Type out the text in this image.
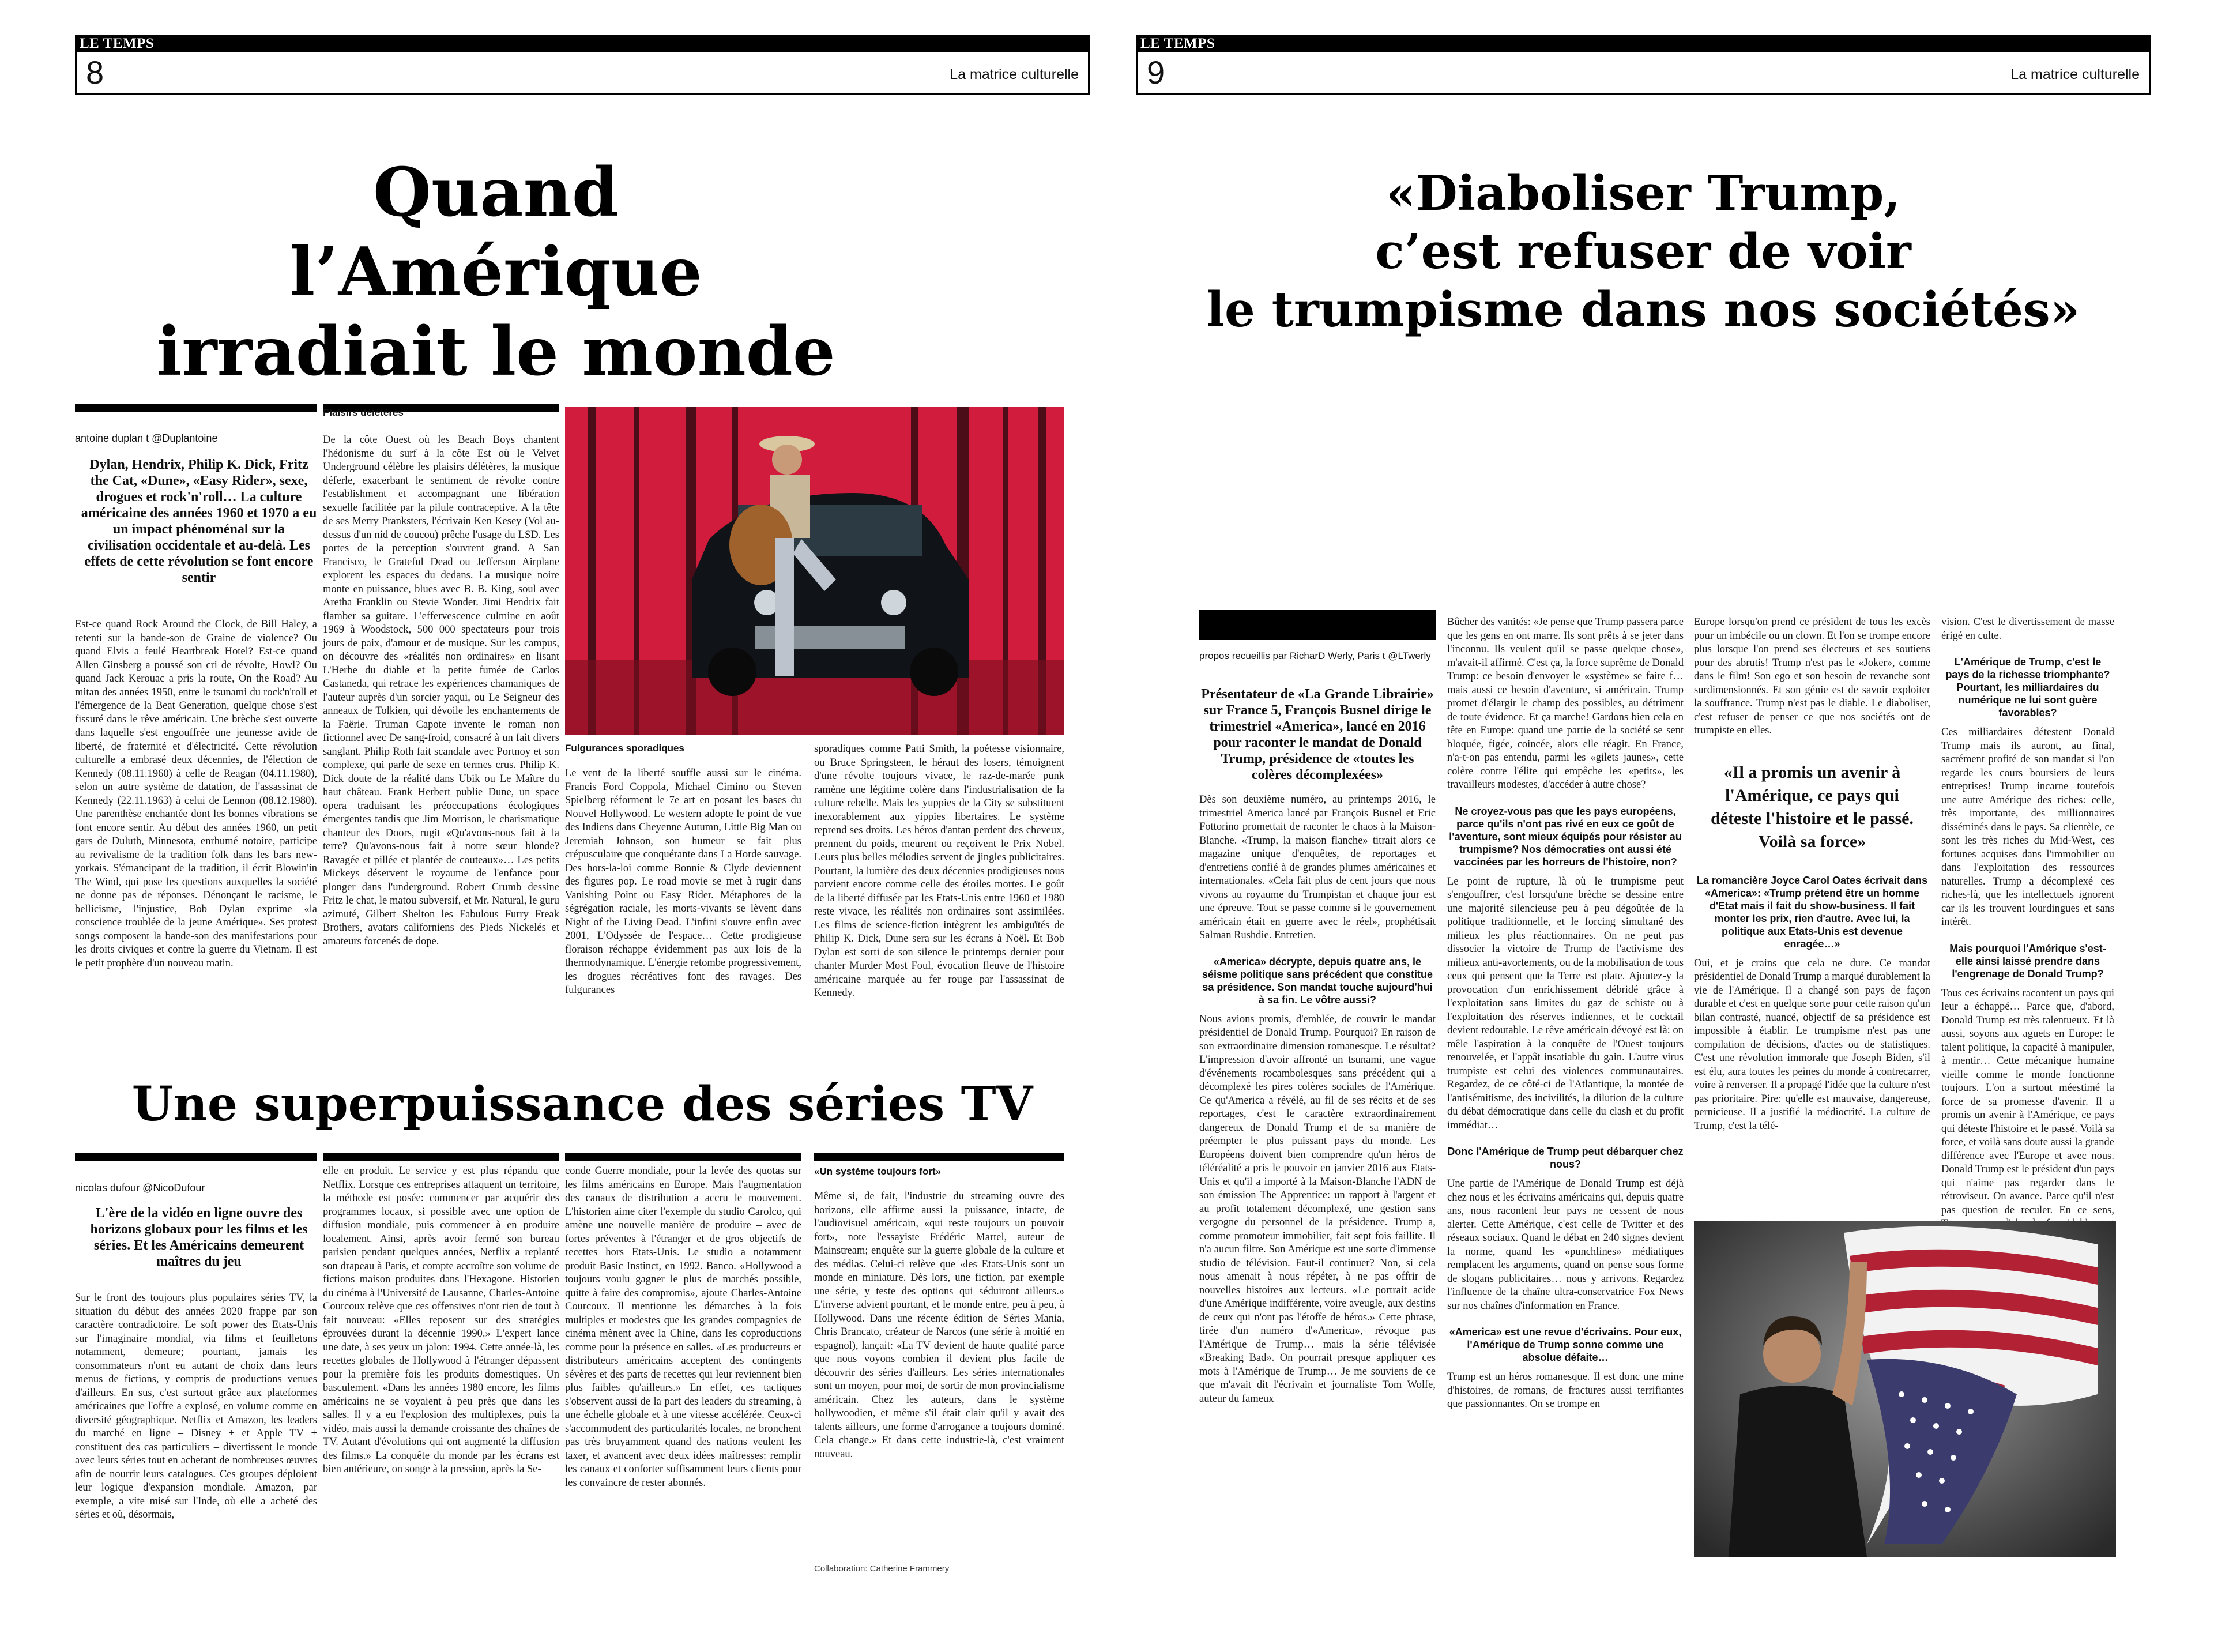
LE TEMPS
8	La matrice culturelle
Quand l’Amérique
irradiait le monde
antoine duplan t @Duplantoine
Dylan, Hendrix, Philip K. Dick, Fritz the Cat, «Dune», «Easy Rider», sexe, drogues et rock'n'roll… La culture américaine des années 1960 et 1970 a eu un impact phénoménal sur la civilisation occidentale et au-delà. Les effets de cette révolution se font encore sentir
Est-ce quand Rock Around the Clock, de Bill Haley, a retenti sur la bande-son de Graine de violence? Ou quand Elvis a feulé Heartbreak Hotel? Est-ce quand Allen Ginsberg a poussé son cri de révolte, Howl? Ou quand Jack Kerouac a pris la route, On the Road? Au mitan des années 1950, entre le tsunami du rock'n'roll et l'émergence de la Beat Generation, quelque chose s'est fissuré dans le rêve américain. Une brèche s'est ouverte dans laquelle s'est engouffrée une jeunesse avide de liberté, de fraternité et d'électricité. Cette révolution culturelle a embrasé deux décennies, de l'élection de Kennedy (08.11.1960) à celle de Reagan (04.11.1980), selon un autre système de datation, de l'assassinat de Kennedy (22.11.1963) à celui de Lennon (08.12.1980). Une parenthèse enchantée dont les bonnes vibrations se font encore sentir. Au début des années 1960, un petit gars de Duluth, Minnesota, enrhumé notoire, participe au revivalisme de la tradition folk dans les bars new-yorkais. S'émancipant de la tradition, il écrit Blowin'in The Wind, qui pose les questions auxquelles la société ne donne pas de réponses. Dénonçant le racisme, le bellicisme, l'injustice, Bob Dylan exprime «la conscience troublée de la jeune Amérique». Ses protest songs composent la bande-son des manifestations pour les droits civiques et contre la guerre du Vietnam. Il est le petit prophète d'un nouveau matin.
Plaisirs délétères
De la côte Ouest où les Beach Boys chantent l'hédonisme du surf à la côte Est où le Velvet Underground célèbre les plaisirs délétères, la musique déferle, exacerbant le sentiment de révolte contre l'establishment et accompagnant une libération sexuelle facilitée par la pilule contraceptive. A la tête de ses Merry Pranksters, l'écrivain Ken Kesey (Vol au-dessus d'un nid de coucou) prêche l'usage du LSD. Les portes de la perception s'ouvrent grand. A San Francisco, le Grateful Dead ou Jefferson Airplane explorent les espaces du dedans. La musique noire monte en puissance, blues avec B. B. King, soul avec Aretha Franklin ou Stevie Wonder. Jimi Hendrix fait flamber sa guitare. L'effervescence culmine en août 1969 à Woodstock, 500 000 spectateurs pour trois jours de paix, d'amour et de musique. Sur les campus, on découvre des «réalités non ordinaires» en lisant L'Herbe du diable et la petite fumée de Carlos Castaneda, qui retrace les expériences chamaniques de l'auteur auprès d'un sorcier yaqui, ou Le Seigneur des anneaux de Tolkien, qui dévoile les enchantements de la Faërie. Truman Capote invente le roman non fictionnel avec De sang-froid, consacré à un fait divers sanglant. Philip Roth fait scandale avec Portnoy et son complexe, qui parle de sexe en termes crus. Philip K. Dick doute de la réalité dans Ubik ou Le Maître du haut château. Frank Herbert publie Dune, un space opera traduisant les préoccupations écologiques émergentes tandis que Jim Morrison, le charismatique chanteur des Doors, rugit «Qu'avons-nous fait à la terre? Qu'avons-nous fait à notre sœur blonde? Ravagée et pillée et plantée de couteaux»… Les petits Mickeys déservent le royaume de l'enfance pour plonger dans l'underground. Robert Crumb dessine Fritz le chat, le matou subversif, et Mr. Natural, le guru azimuté, Gilbert Shelton les Fabulous Furry Freak Brothers, avatars californiens des Pieds Nickelés et amateurs forcenés de dope.
Fulgurances sporadiques
Le vent de la liberté souffle aussi sur le cinéma. Francis Ford Coppola, Michael Cimino ou Steven Spielberg réforment le 7e art en posant les bases du Nouvel Hollywood. Le western adopte le point de vue des Indiens dans Cheyenne Autumn, Little Big Man ou Jeremiah Johnson, son humeur se fait plus crépusculaire que conquérante dans La Horde sauvage. Des hors-la-loi comme Bonnie & Clyde deviennent des figures pop. Le road movie se met à rugir dans Vanishing Point ou Easy Rider. Métaphores de la ségrégation raciale, les morts-vivants se lèvent dans Night of the Living Dead. L'infini s'ouvre enfin avec 2001, L'Odyssée de l'espace… Cette prodigieuse floraison réchappe évidemment pas aux lois de la thermodynamique. L'énergie retombe progressivement, les drogues récréatives font des ravages. Des fulgurances
sporadiques comme Patti Smith, la poétesse visionnaire, ou Bruce Springsteen, le héraut des losers, témoignent d'une révolte toujours vivace, le raz-de-marée punk ramène une légitime colère dans l'industrialisation de la culture rebelle. Mais les yuppies de la City se substituent inexorablement aux yippies libertaires. Le système reprend ses droits. Les héros d'antan perdent des cheveux, prennent du poids, meurent ou reçoivent le Prix Nobel. Leurs plus belles mélodies servent de jingles publicitaires. Pourtant, la lumière des deux décennies prodigieuses nous parvient encore comme celle des étoiles mortes. Le goût de la liberté diffusée par les Etats-Unis entre 1960 et 1980 reste vivace, les réalités non ordinaires sont assimilées. Les films de science-fiction intègrent les ambiguïtés de Philip K. Dick, Dune sera sur les écrans à Noël. Et Bob Dylan est sorti de son silence le printemps dernier pour chanter Murder Most Foul, évocation fleuve de l'histoire américaine marquée au fer rouge par l'assassinat de Kennedy.
Une superpuissance des séries TV
nicolas dufour @NicoDufour
L'ère de la vidéo en ligne ouvre des horizons globaux pour les films et les séries. Et les Américains demeurent maîtres du jeu
Sur le front des toujours plus populaires séries TV, la situation du début des années 2020 frappe par son caractère contradictoire. Le soft power des Etats-Unis sur l'imaginaire mondial, via films et feuilletons notamment, demeure; pourtant, jamais les consommateurs n'ont eu autant de choix dans leurs menus de fictions, y compris de productions venues d'ailleurs. En sus, c'est surtout grâce aux plateformes américaines que l'offre a explosé, en volume comme en diversité géographique. Netflix et Amazon, les leaders du marché en ligne – Disney + et Apple TV + constituent des cas particuliers – divertissent le monde avec leurs séries tout en achetant de nombreuses œuvres afin de nourrir leurs catalogues. Ces groupes déploient leur logique d'expansion mondiale. Amazon, par exemple, a vite misé sur l'Inde, où elle a acheté des séries et où, désormais,
elle en produit. Le service y est plus répandu que Netflix. Lorsque ces entreprises attaquent un territoire, la méthode est posée: commencer par acquérir des programmes locaux, si possible avec une option de diffusion mondiale, puis commencer à en produire localement. Ainsi, après avoir fermé son bureau parisien pendant quelques années, Netflix a replanté son drapeau à Paris, et compte accroître son volume de fictions maison produites dans l'Hexagone. Historien du cinéma à l'Université de Lausanne, Charles-Antoine Courcoux relève que ces offensives n'ont rien de tout à fait nouveau: «Elles reposent sur des stratégies éprouvées durant la décennie 1990.» L'expert lance une date, à ses yeux un jalon: 1994. Cette année-là, les recettes globales de Hollywood à l'étranger dépassent pour la première fois les produits domestiques. Un basculement. «Dans les années 1980 encore, les films américains ne se voyaient à peu près que dans les salles. Il y a eu l'explosion des multiplexes, puis la vidéo, mais aussi la demande croissante des chaînes de TV. Autant d'évolutions qui ont augmenté la diffusion des films.» La conquête du monde par les écrans est bien antérieure, on songe à la pression, après la Se-
conde Guerre mondiale, pour la levée des quotas sur les films américains en Europe. Mais l'augmentation des canaux de distribution a accru le mouvement. L'historien aime citer l'exemple du studio Carolco, qui amène une nouvelle manière de produire – avec de fortes préventes à l'étranger et de gros objectifs de recettes hors Etats-Unis. Le studio a notamment produit Basic Instinct, en 1992. Banco. «Hollywood a toujours voulu gagner le plus de marchés possible, quitte à faire des compromis», ajoute Charles-Antoine Courcoux. Il mentionne les démarches à la fois multiples et modestes que les grandes compagnies de cinéma mènent avec la Chine, dans les coproductions comme pour la présence en salles. «Les producteurs et distributeurs américains acceptent des contingents sévères et des parts de recettes qui leur reviennent bien plus faibles qu'ailleurs.» En effet, ces tactiques s'observent aussi de la part des leaders du streaming, à une échelle globale et à une vitesse accélérée. Ceux-ci s'accommodent des particularités locales, ne bronchent pas très bruyamment quand des nations veulent les taxer, et avancent avec deux idées maîtresses: remplir les canaux et conforter suffisamment leurs clients pour les convaincre de rester abonnés.
«Un système toujours fort»
Même si, de fait, l'industrie du streaming ouvre des horizons, elle affirme aussi la puissance, intacte, de l'audiovisuel américain, «qui reste toujours un pouvoir fort», note l'essayiste Frédéric Martel, auteur de Mainstream; enquête sur la guerre globale de la culture et des médias. Celui-ci relève que «les Etats-Unis sont un monde en miniature. Dès lors, une fiction, par exemple une série, y teste des options qui séduiront ailleurs.» L'inverse advient pourtant, et le monde entre, peu à peu, à Hollywood. Dans une récente édition de Séries Mania, Chris Brancato, créateur de Narcos (une série à moitié en espagnol), lançait: «La TV devient de haute qualité parce que nous voyons combien il devient plus facile de découvrir des séries d'ailleurs. Les séries internationales sont un moyen, pour moi, de sortir de mon provincialisme américain. Chez les auteurs, dans le système hollywoodien, et même s'il était clair qu'il y avait des talents ailleurs, une forme d'arrogance a toujours dominé. Cela change.» Et dans cette industrie-là, c'est vraiment nouveau.
Collaboration: Catherine Frammery
LE TEMPS
9	La matrice culturelle
«Diaboliser Trump,
c’est refuser de voir
le trumpisme dans nos sociétés»
propos recueillis par RicharD Werly, Paris t @LTwerly
Présentateur de «La Grande Librairie» sur France 5, François Busnel dirige le trimestriel «America», lancé en 2016 pour raconter le mandat de Donald Trump, présidence de «toutes les colères décomplexées»
Dès son deuxième numéro, au printemps 2016, le trimestriel America lancé par François Busnel et Eric Fottorino promettait de raconter le chaos à la Maison-Blanche. «Trump, la maison flanche» titrait alors ce magazine unique d'enquêtes, de reportages et d'entretiens confié à de grandes plumes américaines et internationales. «Cela fait plus de cent jours que nous vivons au royaume du Trumpistan et chaque jour est une épreuve. Tout se passe comme si le gouvernement américain était en guerre avec le réel», prophétisait Salman Rushdie. Entretien.
«America» décrypte, depuis quatre ans, le séisme politique sans précédent que constitue sa présidence. Son mandat touche aujourd'hui à sa fin. Le vôtre aussi?
Nous avions promis, d'emblée, de couvrir le mandat présidentiel de Donald Trump. Pourquoi? En raison de son extraordinaire dimension romanesque. Le résultat? L'impression d'avoir affronté un tsunami, une vague d'événements rocambolesques sans précédent qui a décomplexé les pires colères sociales de l'Amérique. Ce qu'America a révélé, au fil de ses récits et de ses reportages, c'est le caractère extraordinairement dangereux de Donald Trump et de sa manière de préempter le plus puissant pays du monde. Les Européens doivent bien comprendre qu'un héros de téléréalité a pris le pouvoir en janvier 2016 aux Etats-Unis et qu'il a importé à la Maison-Blanche l'ADN de son émission The Apprentice: un rapport à l'argent et au profit totalement décomplexé, une gestion sans vergogne du personnel de la présidence. Trump a, comme promoteur immobilier, fait sept fois faillite. Il n'a aucun filtre. Son Amérique est une sorte d'immense studio de télévision. Faut-il continuer? Non, si cela nous amenait à nous répéter, à ne pas offrir de nouvelles histoires aux lecteurs. «Le portrait acide d'une Amérique indifférente, voire aveugle, aux destins de ceux qui n'ont pas l'étoffe de héros.» Cette phrase, tirée d'un numéro d'«America», révoque pas l'Amérique de Trump… mais la série télévisée «Breaking Bad». On pourrait presque appliquer ces mots à l'Amérique de Trump… Je me souviens de ce que m'avait dit l'écrivain et journaliste Tom Wolfe, auteur du fameux
Bûcher des vanités: «Je pense que Trump passera parce que les gens en ont marre. Ils sont prêts à se jeter dans l'inconnu. Ils veulent qu'il se passe quelque chose», m'avait-il affirmé. C'est ça, la force suprême de Donald Trump: ce besoin d'envoyer le «système» se faire f… mais aussi ce besoin d'aventure, si américain. Trump promet d'élargir le champ des possibles, au détriment de toute évidence. Et ça marche! Gardons bien cela en tête en Europe: quand une partie de la société se sent bloquée, figée, coincée, alors elle réagit. En France, n'a-t-on pas entendu, parmi les «gilets jaunes», cette colère contre l'élite qui empêche les «petits», les travailleurs modestes, d'accéder à autre chose?
Ne croyez-vous pas que les pays européens, parce qu'ils n'ont pas rivé en eux ce goût de l'aventure, sont mieux équipés pour résister au trumpisme? Nos démocraties ont aussi été vaccinées par les horreurs de l'histoire, non?
Le point de rupture, là où le trumpisme peut s'engouffrer, c'est lorsqu'une brèche se dessine entre une majorité silencieuse peu à peu dégoûtée de la politique traditionnelle, et le forcing simultané des milieux les plus réactionnaires. On ne peut pas dissocier la victoire de Trump de l'activisme des milieux anti-avortements, ou de la mobilisation de tous ceux qui pensent que la Terre est plate. Ajoutez-y la provocation d'un enrichissement débridé grâce à l'exploitation sans limites du gaz de schiste ou à l'exploitation des réserves indiennes, et le cocktail devient redoutable. Le rêve américain dévoyé est là: on mêle l'aspiration à la conquête de l'Ouest toujours renouvelée, et l'appât insatiable du gain. L'autre virus trumpiste est celui des violences communautaires. Regardez, de ce côté-ci de l'Atlantique, la montée de l'antisémitisme, des incivilités, la dilution de la culture du débat démocratique dans celle du clash et du profit immédiat…
Donc l'Amérique de Trump peut débarquer chez nous?
Une partie de l'Amérique de Donald Trump est déjà chez nous et les écrivains américains qui, depuis quatre ans, nous racontent leur pays ne cessent de nous alerter. Cette Amérique, c'est celle de Twitter et des réseaux sociaux. Quand le débat en 240 signes devient la norme, quand les «punchlines» médiatiques remplacent les arguments, quand on pense sous forme de slogans publicitaires… nous y arrivons. Regardez l'influence de la chaîne ultra-conservatrice Fox News sur nos chaînes d'information en France.
«America» est une revue d'écrivains. Pour eux, l'Amérique de Trump sonne comme une absolue défaite…
Trump est un héros romanesque. Il est donc une mine d'histoires, de romans, de fractures aussi terrifiantes que passionnantes. On se trompe en
Europe lorsqu'on prend ce président de tous les excès pour un imbécile ou un clown. Et l'on se trompe encore plus lorsque l'on prend ses électeurs et ses soutiens pour des abrutis! Trump n'est pas le «Joker», comme dans le film! Son ego et son besoin de revanche sont surdimensionnés. Et son génie est de savoir exploiter la souffrance. Trump n'est pas le diable. Le diaboliser, c'est refuser de penser ce que nos sociétés ont de trumpiste en elles.
«Il a promis un avenir à l'Amérique, ce pays qui déteste l'histoire et le passé. Voilà sa force»
La romancière Joyce Carol Oates écrivait dans «America»: «Trump prétend être un homme d'Etat mais il fait du show-business. Il fait monter les prix, rien d'autre. Avec lui, la politique aux Etats-Unis est devenue enragée…»
Oui, et je crains que cela ne dure. Ce mandat présidentiel de Donald Trump a marqué durablement la vie de l'Amérique. Il a changé son pays de façon durable et c'est en quelque sorte pour cette raison qu'un bilan contrasté, nuancé, objectif de sa présidence est impossible à établir. Le trumpisme n'est pas une compilation de décisions, d'actes ou de statistiques. C'est une révolution immorale que Joseph Biden, s'il est élu, aura toutes les peines du monde à contrecarrer, voire à renverser. Il a propagé l'idée que la culture n'est pas prioritaire. Pire: qu'elle est mauvaise, dangereuse, pernicieuse. Il a justifié la médiocrité. La culture de Trump, c'est la télé-
vision. C'est le divertissement de masse érigé en culte.
L'Amérique de Trump, c'est le pays de la richesse triomphante? Pourtant, les milliardaires du numérique ne lui sont guère favorables?
Ces milliardaires détestent Donald Trump mais ils auront, au final, sacrément profité de son mandat si l'on regarde les cours boursiers de leurs entreprises! Trump incarne toutefois une autre Amérique des riches: celle, très importante, des millionnaires disséminés dans le pays. Sa clientèle, ce sont les très riches du Mid-West, ces fortunes acquises dans l'immobilier ou dans l'exploitation des ressources naturelles. Trump a décomplexé ces riches-là, que les intellectuels ignorent car ils les trouvent lourdingues et sans intérêt.
Mais pourquoi l'Amérique s'est-elle ainsi laissé prendre dans l'engrenage de Donald Trump?
Tous ces écrivains racontent un pays qui leur a échappé… Parce que, d'abord, Donald Trump est très talentueux. Et là aussi, soyons aux aguets en Europe: le talent politique, la capacité à manipuler, à mentir… Cette mécanique humaine vieille comme le monde fonctionne toujours. L'on a surtout méestimé la force de sa promesse d'avenir. Il a promis un avenir à l'Amérique, ce pays qui déteste l'histoire et le passé. Voilà sa force, et voilà sans doute aussi la grande différence avec l'Europe et avec nous. Donald Trump est le président d'un pays qui n'aime pas regarder dans le rétroviseur. On avance. Parce qu'il n'est pas question de reculer. En ce sens,
